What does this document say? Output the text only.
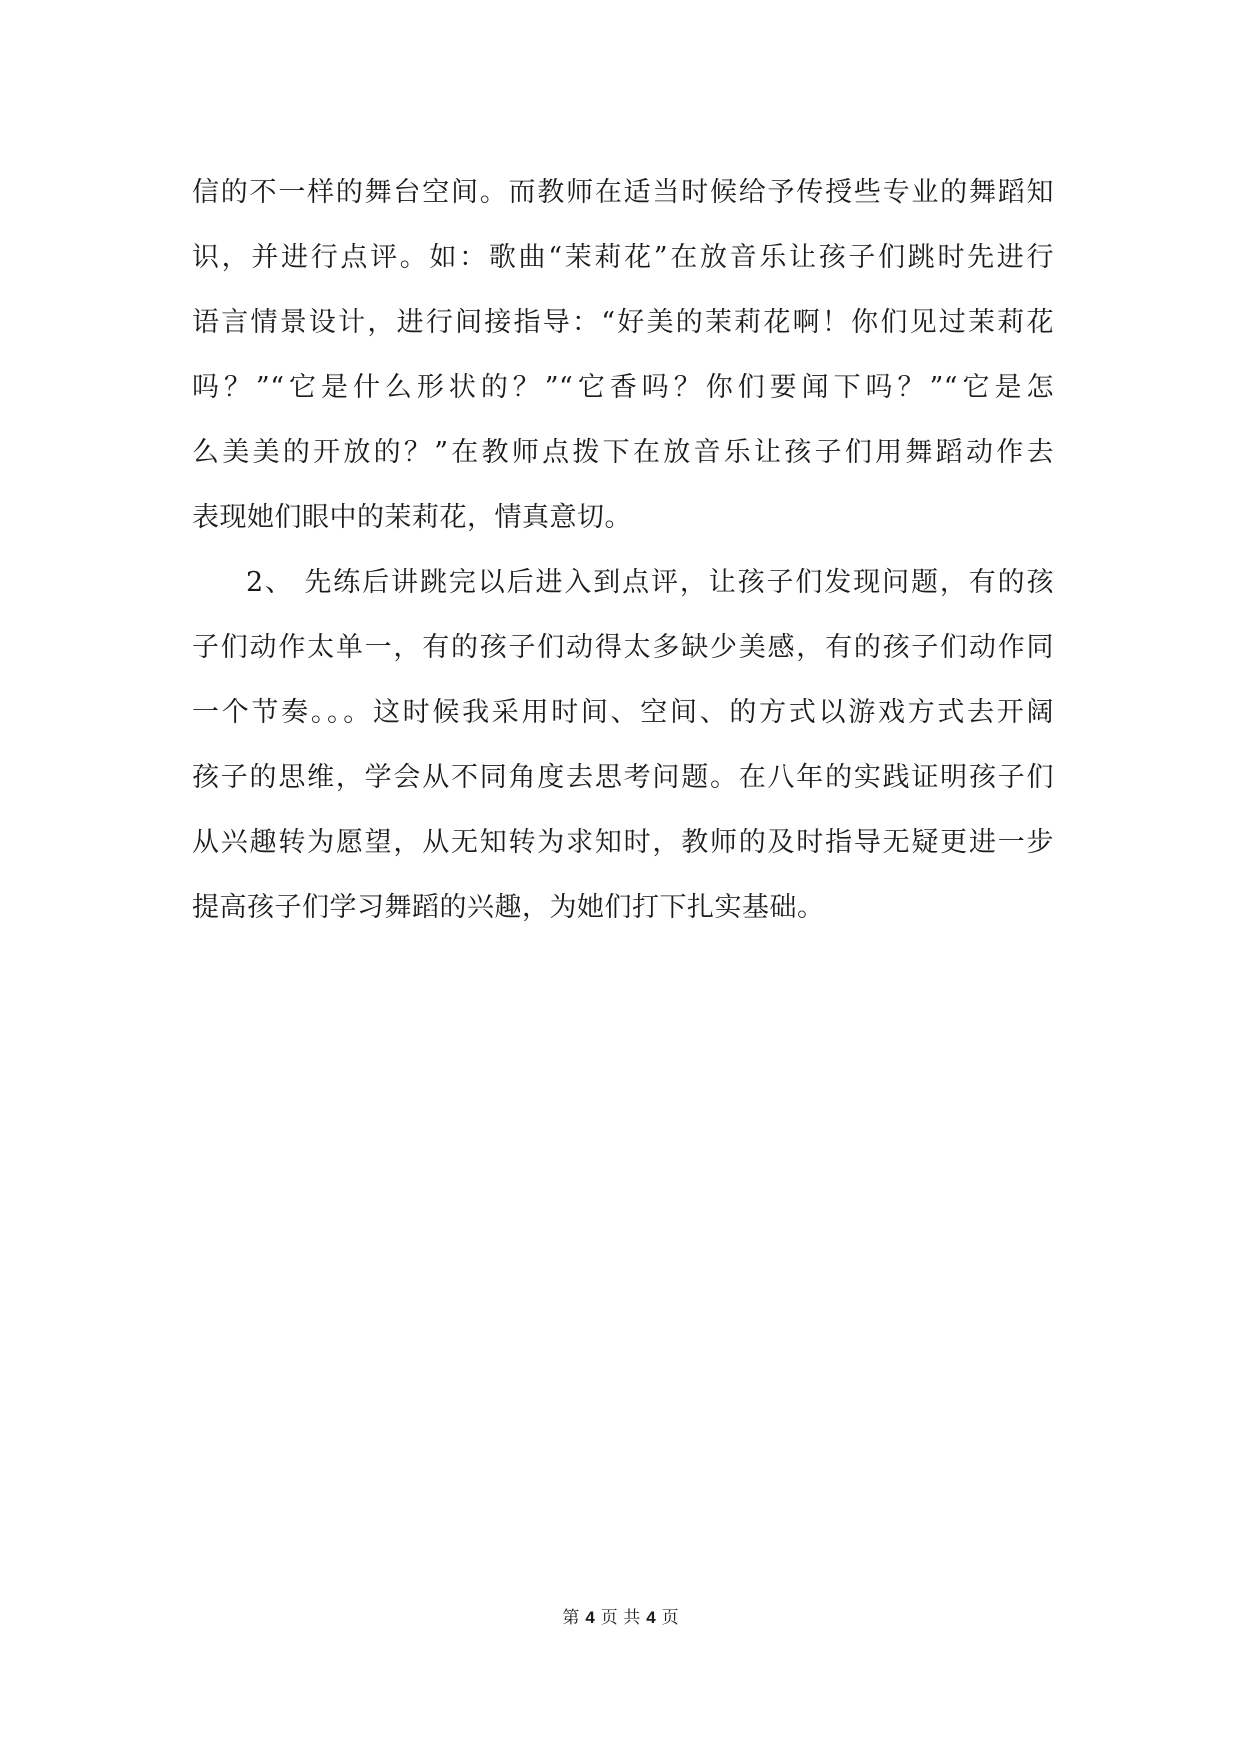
信的不一样的舞台空间。而教师在适当时候给予传授些专业的舞蹈知
识，并进行点评。如：歌曲“茉莉花”在放音乐让孩子们跳时先进行
语言情景设计，进行间接指导：“好美的茉莉花啊！你们见过茉莉花
吗？”“它是什么形状的？”“它香吗？你们要闻下吗？”“它是怎
么美美的开放的？”在教师点拨下在放音乐让孩子们用舞蹈动作去
表现她们眼中的茉莉花，情真意切。
2、 先练后讲跳完以后进入到点评，让孩子们发现问题，有的孩
子们动作太单一，有的孩子们动得太多缺少美感，有的孩子们动作同
一个节奏。。。这时候我采用时间、空间、的方式以游戏方式去开阔
孩子的思维，学会从不同角度去思考问题。在八年的实践证明孩子们
从兴趣转为愿望，从无知转为求知时，教师的及时指导无疑更进一步
提高孩子们学习舞蹈的兴趣，为她们打下扎实基础。
第 4 页 共 4 页
